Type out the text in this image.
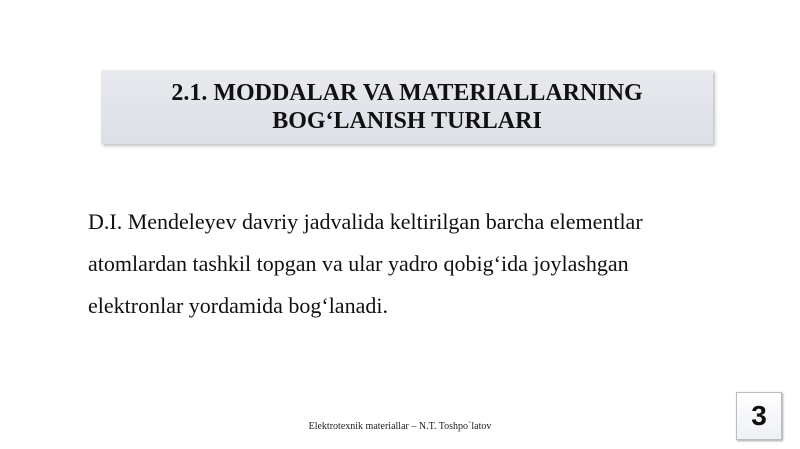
2.1. MODDALAR VA MATERIALLARNING
BOG‘LANISH TURLARI
D.I. Mendeleyev davriy jadvalida keltirilgan barcha elementlar
atomlardan tashkil topgan va ular yadro qobig‘ida joylashgan
elektronlar yordamida bog‘lanadi.
Elektrotexnik materiallar – N.T. Toshpo`latov	3
